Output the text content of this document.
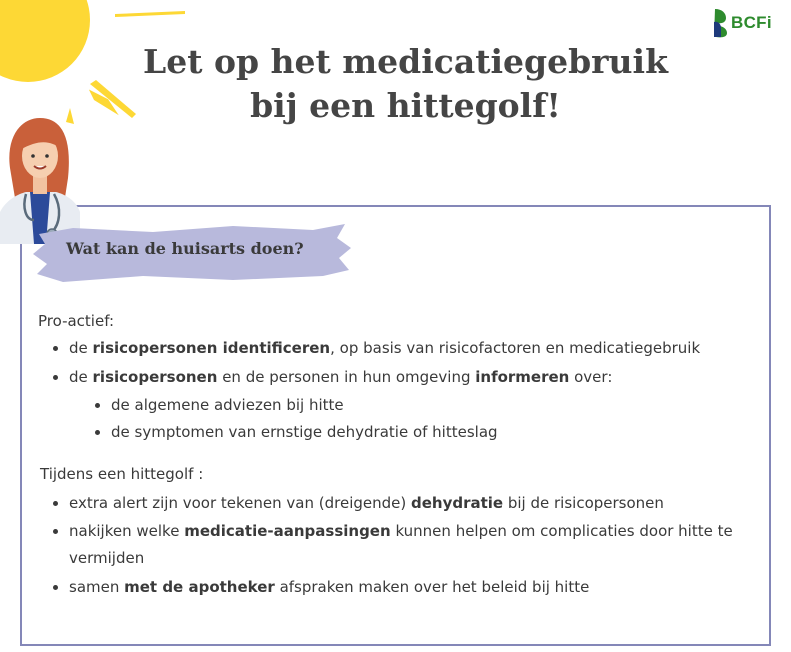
BCFi
Let op het medicatiegebruik
bij een hittegolf!
Wat kan de huisarts doen?
Pro-actief:
de risicopersonen identificeren, op basis van risicofactoren en medicatiegebruik
de risicopersonen en de personen in hun omgeving informeren over:
de algemene adviezen bij hitte
de symptomen van ernstige dehydratie of hitteslag
Tijdens een hittegolf :
extra alert zijn voor tekenen van (dreigende) dehydratie bij de risicopersonen
nakijken welke medicatie-aanpassingen kunnen helpen om complicaties door hitte te
vermijden
samen met de apotheker afspraken maken over het beleid bij hitte
